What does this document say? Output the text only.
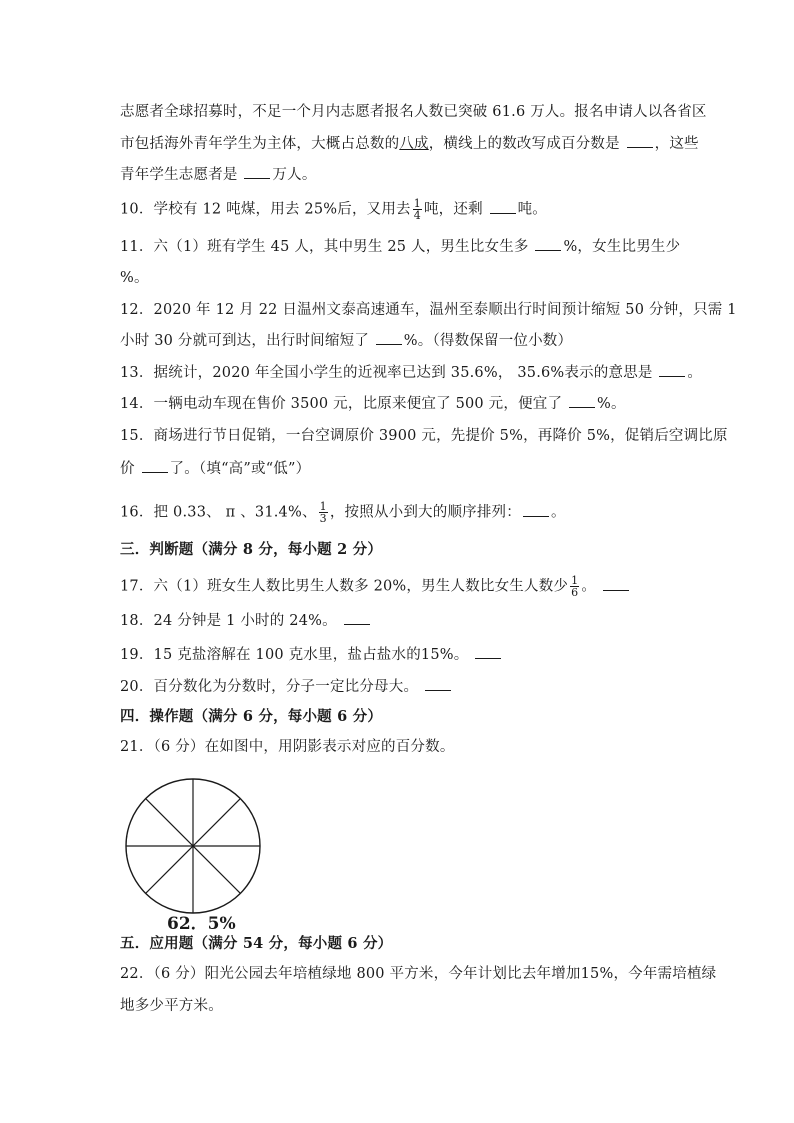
志愿者全球招募时，不足一个月内志愿者报名人数已突破 61.6 万人。报名申请人以各省区
市包括海外青年学生为主体，大概占总数的八成，横线上的数改写成百分数是 ，这些
青年学生志愿者是 万人。
10．学校有 12 吨煤，用去 25%后，又用去 $\frac{1}{4}$ 吨，还剩 吨。
11．六（1）班有学生 45 人，其中男生 25 人，男生比女生多 %，女生比男生少
%。
12．2020 年 12 月 22 日温州文泰高速通车，温州至泰顺出行时间预计缩短 50 分钟，只需 1
小时 30 分就可到达，出行时间缩短了 %。（得数保留一位小数）
13．据统计，2020 年全国小学生的近视率已达到 35.6%， 35.6%表示的意思是 。
14．一辆电动车现在售价 3500 元，比原来便宜了 500 元，便宜了 %。
15．商场进行节日促销，一台空调原价 3900 元，先提价 5%，再降价 5%，促销后空调比原
价 了。（填“高”或“低”）
16．把 0.33、 π 、31.4%、 $\frac{1}{3}$ ，按照从小到大的顺序排列： 。
三．判断题（满分 8 分，每小题 2 分）
17．六（1）班女生人数比男生人数多 20%，男生人数比女生人数少 $\frac{1}{6}$ 。
18．24 分钟是 1 小时的 24%。
19．15 克盐溶解在 100 克水里，盐占盐水的15%。
20．百分数化为分数时，分子一定比分母大。
四．操作题（满分 6 分，每小题 6 分）
21．（6 分）在如图中，用阴影表示对应的百分数。
62．5%
五．应用题（满分 54 分，每小题 6 分）
22．（6 分）阳光公园去年培植绿地 800 平方米，今年计划比去年增加15%，今年需培植绿
地多少平方米。
